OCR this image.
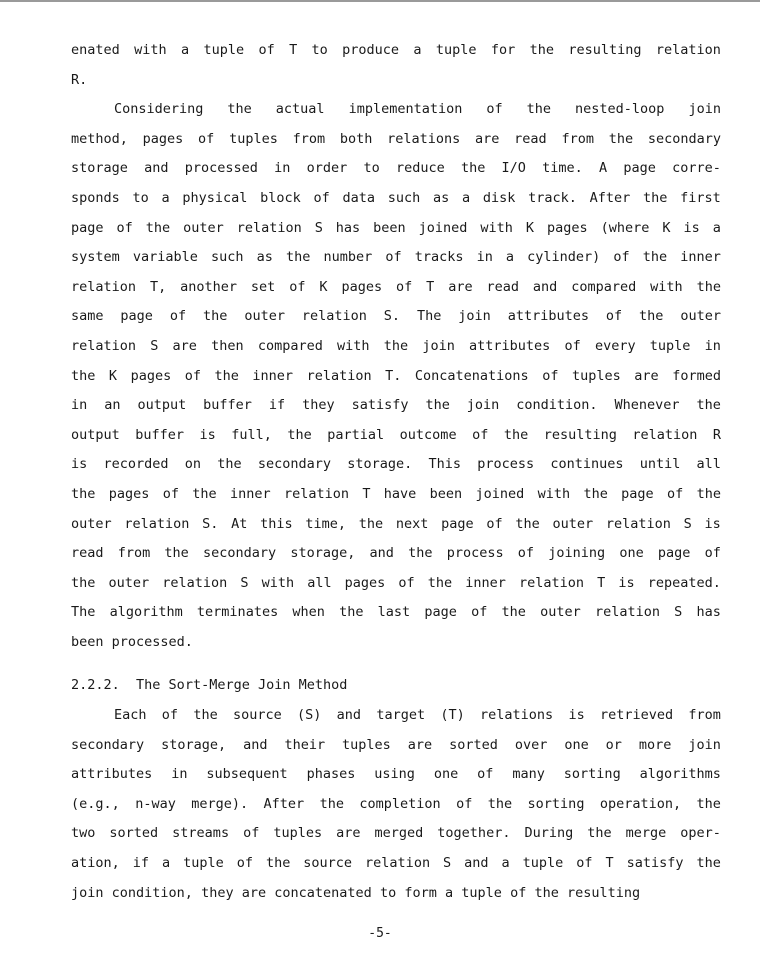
enated with a tuple of T to produce a tuple for the resulting relation
R.
Considering the actual implementation of the nested-loop join
method, pages of tuples from both relations are read from the secondary
storage and processed in order to reduce the I/O time. A page corre-
sponds to a physical block of data such as a disk track. After the first
page of the outer relation S has been joined with K pages (where K is a
system variable such as the number of tracks in a cylinder) of the inner
relation T, another set of K pages of T are read and compared with the
same page of the outer relation S. The join attributes of the outer
relation S are then compared with the join attributes of every tuple in
the K pages of the inner relation T. Concatenations of tuples are formed
in an output buffer if they satisfy the join condition. Whenever the
output buffer is full, the partial outcome of the resulting relation R
is recorded on the secondary storage. This process continues until all
the pages of the inner relation T have been joined with the page of the
outer relation S. At this time, the next page of the outer relation S is
read from the secondary storage, and the process of joining one page of
the outer relation S with all pages of the inner relation T is repeated.
The algorithm terminates when the last page of the outer relation S has
been processed.
2.2.2. The Sort-Merge Join Method
Each of the source (S) and target (T) relations is retrieved from
secondary storage, and their tuples are sorted over one or more join
attributes in subsequent phases using one of many sorting algorithms
(e.g., n-way merge). After the completion of the sorting operation, the
two sorted streams of tuples are merged together. During the merge oper-
ation, if a tuple of the source relation S and a tuple of T satisfy the
join condition, they are concatenated to form a tuple of the resulting
-5-
